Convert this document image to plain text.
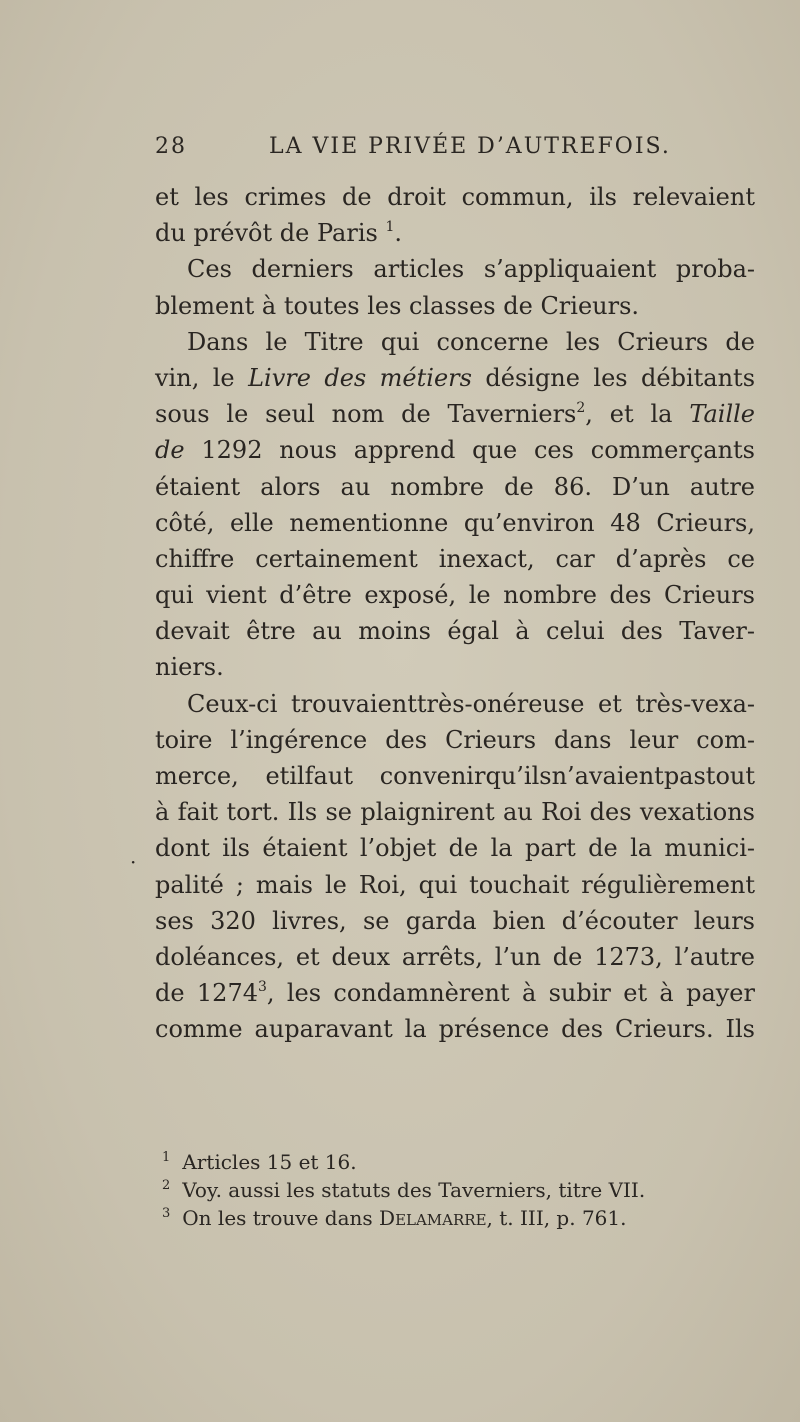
28	LA VIE PRIVÉE D’AUTREFOIS.
·
et les crimes de droit commun, ils relevaient
du prévôt de Paris $^1$.
Ces derniers articles s’appliquaient proba-
blement à toutes les classes de Crieurs.
Dans le Titre qui concerne les Crieurs de
vin, le Livre des métiers désigne les débitants
sous le seul nom de Taverniers$^2$, et la Taille
de 1292 nous apprend que ces commerçants
étaient alors au nombre de 86. D’un autre
côté, elle nementionne qu’environ 48 Crieurs,
chiffre certainement inexact, car d’après ce
qui vient d’être exposé, le nombre des Crieurs
devait être au moins égal à celui des Taver-
niers.
Ceux-ci trouvaienttrès-onéreuse et très-vexa-
toire l’ingérence des Crieurs dans leur com-
merce, etilfaut convenirqu’ilsn’avaientpastout
à fait tort. Ils se plaignirent au Roi des vexations
dont ils étaient l’objet de la part de la munici-
palité ; mais le Roi, qui touchait régulièrement
ses 320 livres, se garda bien d’écouter leurs
doléances, et deux arrêts, l’un de 1273, l’autre
de 1274$^3$, les condamnèrent à subir et à payer
comme auparavant la présence des Crieurs. Ils
$^1$ Articles 15 et 16.
$^2$ Voy. aussi les statuts des Taverniers, titre VII.
$^3$ On les trouve dans DELAMARRE, t. III, p. 761.
